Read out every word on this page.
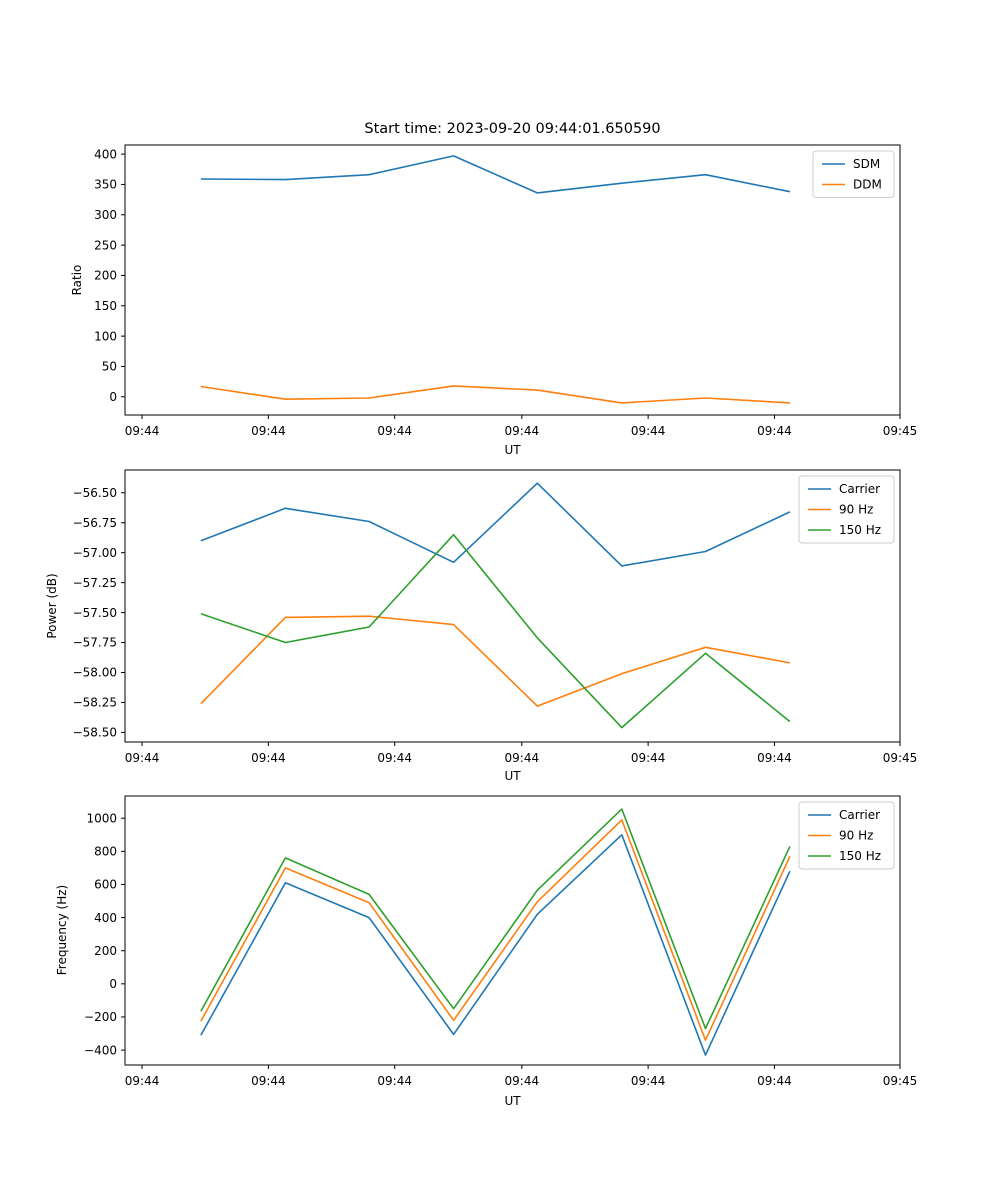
0
50
100
150
200
250
300
350
400
09:44	09:44	09:44	09:44	09:44	09:44	09:45
SDM
DDM
−58.50
−58.25
−58.00
−57.75
−57.50
−57.25
−57.00
−56.75
−56.50
09:44	09:44	09:44	09:44	09:44	09:44	09:45
Carrier
90 Hz
150 Hz
−400
−200
0
200
400
600
800
1000
09:44	09:44	09:44	09:44	09:44	09:44	09:45
Carrier
90 Hz
150 Hz
Start time: 2023-09-20 09:44:01.650590
UT
UT
UT
Ratio
Power (dB)
Frequency (Hz)
